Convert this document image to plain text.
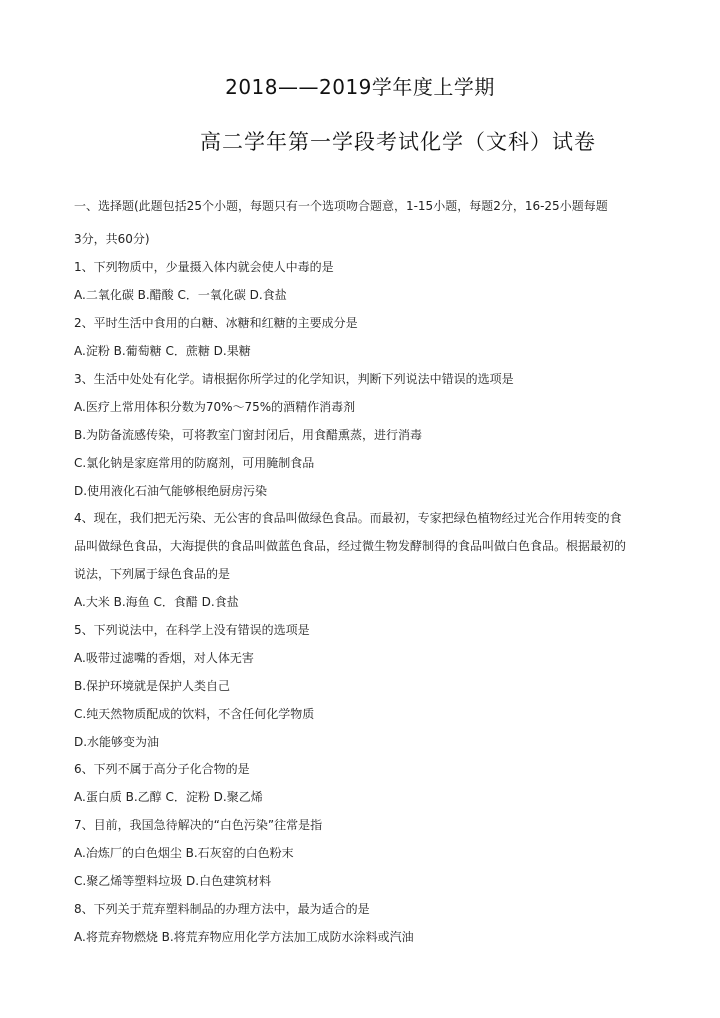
2018——2019学年度上学期
高二学年第一学段考试化学（文科）试卷
一、选择题(此题包括25个小题，每题只有一个选项吻合题意，1-15小题，每题2分，16-25小题每题
3分，共60分)
1、下列物质中，少量摄入体内就会使人中毒的是
A.二氧化碳 B.醋酸 C．一氧化碳 D.食盐
2、平时生活中食用的白糖、冰糖和红糖的主要成分是
A.淀粉 B.葡萄糖 C．蔗糖 D.果糖
3、生活中处处有化学。请根据你所学过的化学知识，判断下列说法中错误的选项是
A.医疗上常用体积分数为70%～75%的酒精作消毒剂
B.为防备流感传染，可将教室门窗封闭后，用食醋熏蒸，进行消毒
C.氯化钠是家庭常用的防腐剂，可用腌制食品
D.使用液化石油气能够根绝厨房污染
4、现在，我们把无污染、无公害的食品叫做绿色食品。而最初，专家把绿色植物经过光合作用转变的食
品叫做绿色食品，大海提供的食品叫做蓝色食品，经过微生物发酵制得的食品叫做白色食品。根据最初的
说法，下列属于绿色食品的是
A.大米 B.海鱼 C．食醋 D.食盐
5、下列说法中，在科学上没有错误的选项是
A.吸带过滤嘴的香烟，对人体无害
B.保护环境就是保护人类自己
C.纯天然物质配成的饮料，不含任何化学物质
D.水能够变为油
6、下列不属于高分子化合物的是
A.蛋白质 B.乙醇 C．淀粉 D.聚乙烯
7、目前，我国急待解决的“白色污染”往常是指
A.冶炼厂的白色烟尘 B.石灰窑的白色粉末
C.聚乙烯等塑料垃圾 D.白色建筑材料
8、下列关于荒弃塑料制品的办理方法中，最为适合的是
A.将荒弃物燃烧 B.将荒弃物应用化学方法加工成防水涂料或汽油
